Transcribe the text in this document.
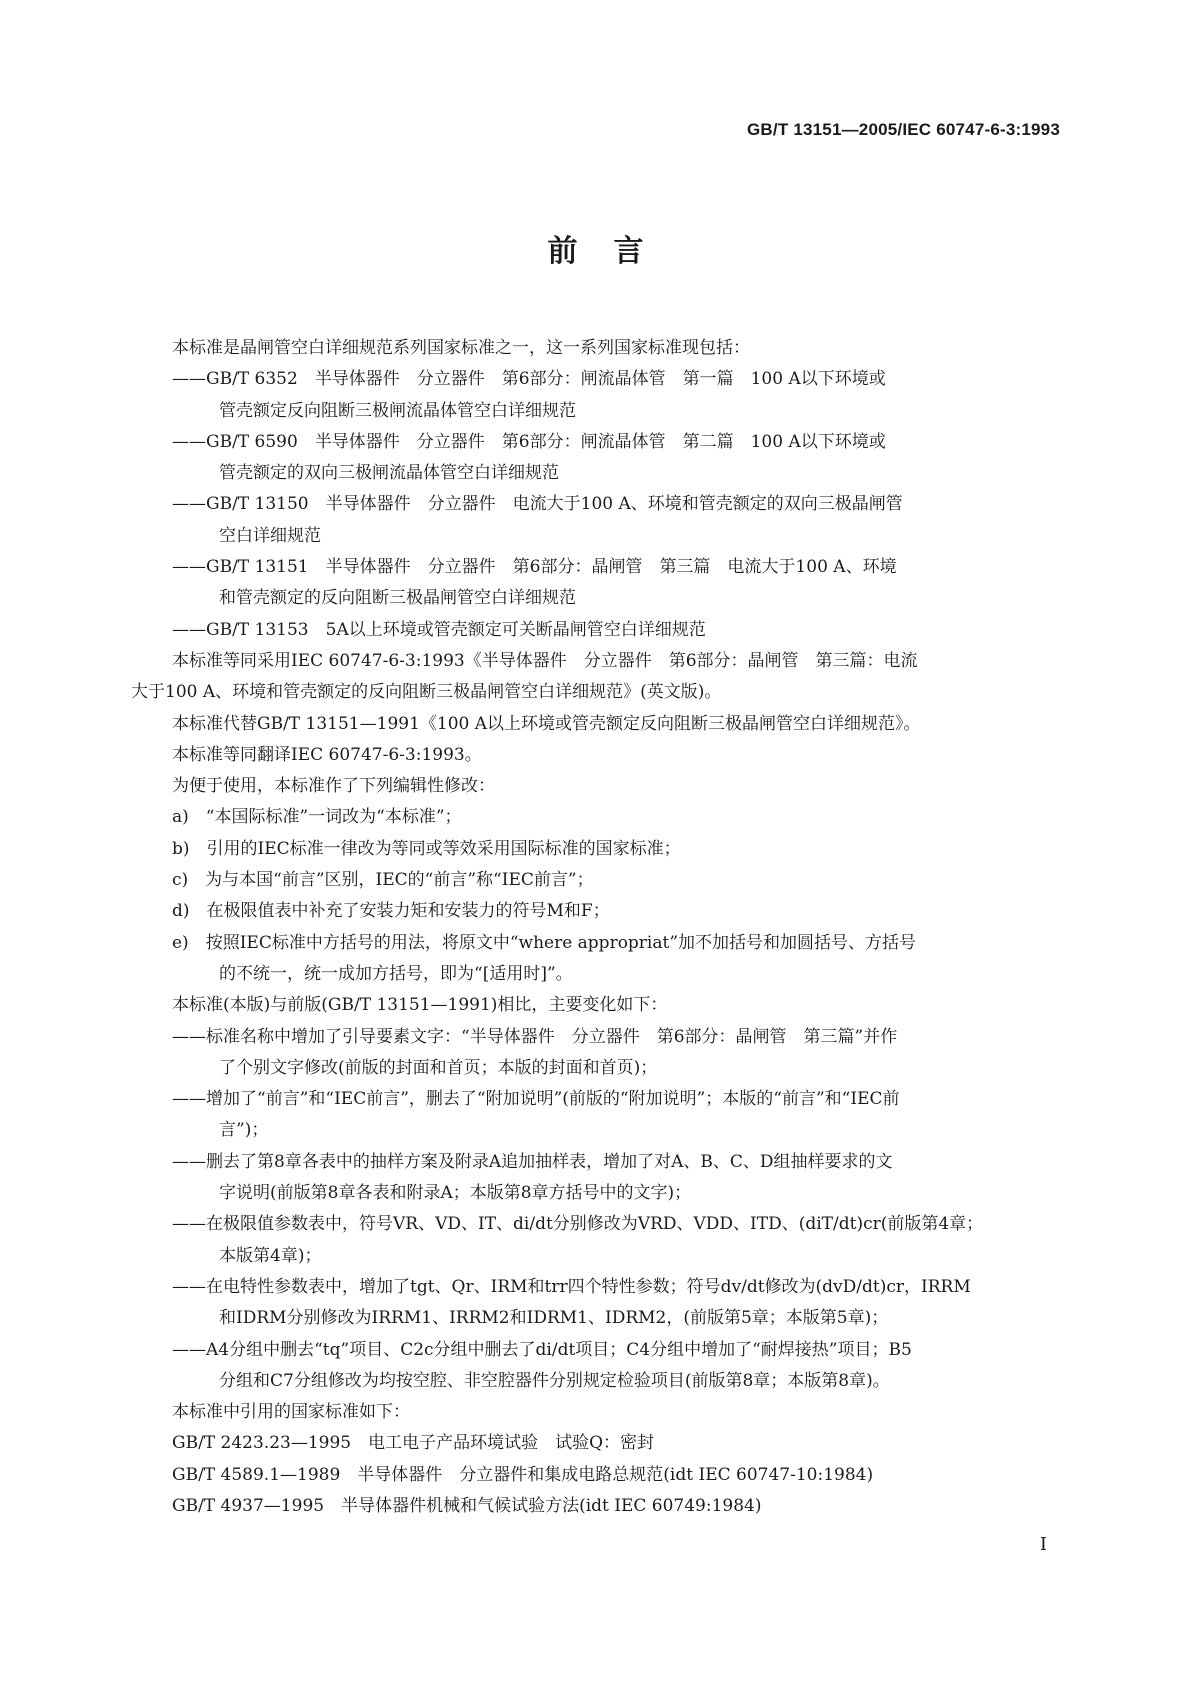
GB/T 13151—2005/IEC 60747-6-3:1993
前言
本标准是晶闸管空白详细规范系列国家标准之一，这一系列国家标准现包括：
——GB/T 6352　半导体器件　分立器件　第6部分：闸流晶体管　第一篇　100 A以下环境或
管壳额定反向阻断三极闸流晶体管空白详细规范
——GB/T 6590　半导体器件　分立器件　第6部分：闸流晶体管　第二篇　100 A以下环境或
管壳额定的双向三极闸流晶体管空白详细规范
——GB/T 13150　半导体器件　分立器件　电流大于100 A、环境和管壳额定的双向三极晶闸管
空白详细规范
——GB/T 13151　半导体器件　分立器件　第6部分：晶闸管　第三篇　电流大于100 A、环境
和管壳额定的反向阻断三极晶闸管空白详细规范
——GB/T 13153　5A以上环境或管壳额定可关断晶闸管空白详细规范
本标准等同采用IEC 60747-6-3:1993《半导体器件　分立器件　第6部分：晶闸管　第三篇：电流
大于100 A、环境和管壳额定的反向阻断三极晶闸管空白详细规范》(英文版)。
本标准代替GB/T 13151—1991《100 A以上环境或管壳额定反向阻断三极晶闸管空白详细规范》。
本标准等同翻译IEC 60747-6-3:1993。
为便于使用，本标准作了下列编辑性修改：
a)　“本国际标准”一词改为“本标准”；
b)　引用的IEC标准一律改为等同或等效采用国际标准的国家标准；
c)　为与本国“前言”区别，IEC的“前言”称“IEC前言”；
d)　在极限值表中补充了安装力矩和安装力的符号M和F；
e)　按照IEC标准中方括号的用法，将原文中“where appropriat”加不加括号和加圆括号、方括号
的不统一，统一成加方括号，即为“[适用时]”。
本标准(本版)与前版(GB/T 13151—1991)相比，主要变化如下：
——标准名称中增加了引导要素文字：“半导体器件　分立器件　第6部分：晶闸管　第三篇”并作
了个别文字修改(前版的封面和首页；本版的封面和首页)；
——增加了“前言”和“IEC前言”，删去了“附加说明”(前版的“附加说明”；本版的“前言”和“IEC前
言”)；
——删去了第8章各表中的抽样方案及附录A追加抽样表，增加了对A、B、C、D组抽样要求的文
字说明(前版第8章各表和附录A；本版第8章方括号中的文字)；
——在极限值参数表中，符号VR、VD、IT、di/dt分别修改为VRD、VDD、ITD、(diT/dt)cr(前版第4章；
本版第4章)；
——在电特性参数表中，增加了tgt、Qr、IRM和trr四个特性参数；符号dv/dt修改为(dvD/dt)cr，IRRM
和IDRM分别修改为IRRM1、IRRM2和IDRM1、IDRM2，(前版第5章；本版第5章)；
——A4分组中删去“tq”项目、C2c分组中删去了di/dt项目；C4分组中增加了“耐焊接热”项目；B5
分组和C7分组修改为均按空腔、非空腔器件分别规定检验项目(前版第8章；本版第8章)。
本标准中引用的国家标准如下：
GB/T 2423.23—1995　电工电子产品环境试验　试验Q：密封
GB/T 4589.1—1989　半导体器件　分立器件和集成电路总规范(idt IEC 60747-10:1984)
GB/T 4937—1995　半导体器件机械和气候试验方法(idt IEC 60749:1984)
I
